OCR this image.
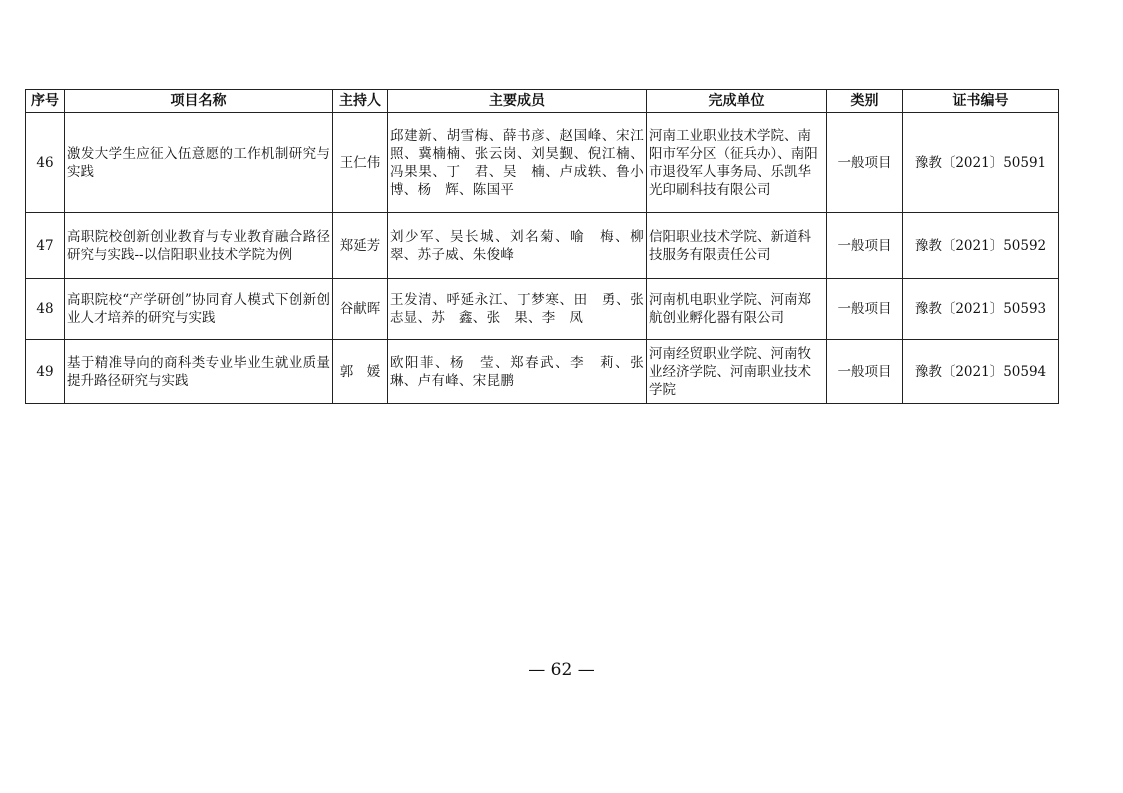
序号	项目名称	主持人	主要成员	完成单位	类别	证书编号
46	激发大学生应征入伍意愿的工作机制研究与实践	王仁伟	邱建新、胡雪梅、薛书彦、赵国峰、宋江照、冀楠楠、张云岗、刘昊觐、倪江楠、冯果果、丁　君、吴　楠、卢成轶、鲁小博、杨　辉、陈国平	河南工业职业技术学院、南阳市军分区（征兵办）、南阳市退役军人事务局、乐凯华光印刷科技有限公司	一般项目	豫教〔2021〕50591
47	高职院校创新创业教育与专业教育融合路径研究与实践--以信阳职业技术学院为例	郑延芳	刘少军、吴长城、刘名菊、喻　梅、柳　翠、苏子威、朱俊峰	信阳职业技术学院、新道科技服务有限责任公司	一般项目	豫教〔2021〕50592
48	高职院校“产学研创”协同育人模式下创新创业人才培养的研究与实践	谷献晖	王发清、呼延永江、丁梦寒、田　勇、张志显、苏　鑫、张　果、李　凤	河南机电职业学院、河南郑航创业孵化器有限公司	一般项目	豫教〔2021〕50593
49	基于精准导向的商科类专业毕业生就业质量提升路径研究与实践	郭　媛	欧阳菲、杨　莹、郑春武、李　莉、张　琳、卢有峰、宋昆鹏	河南经贸职业学院、河南牧业经济学院、河南职业技术学院	一般项目	豫教〔2021〕50594
— 62 —
